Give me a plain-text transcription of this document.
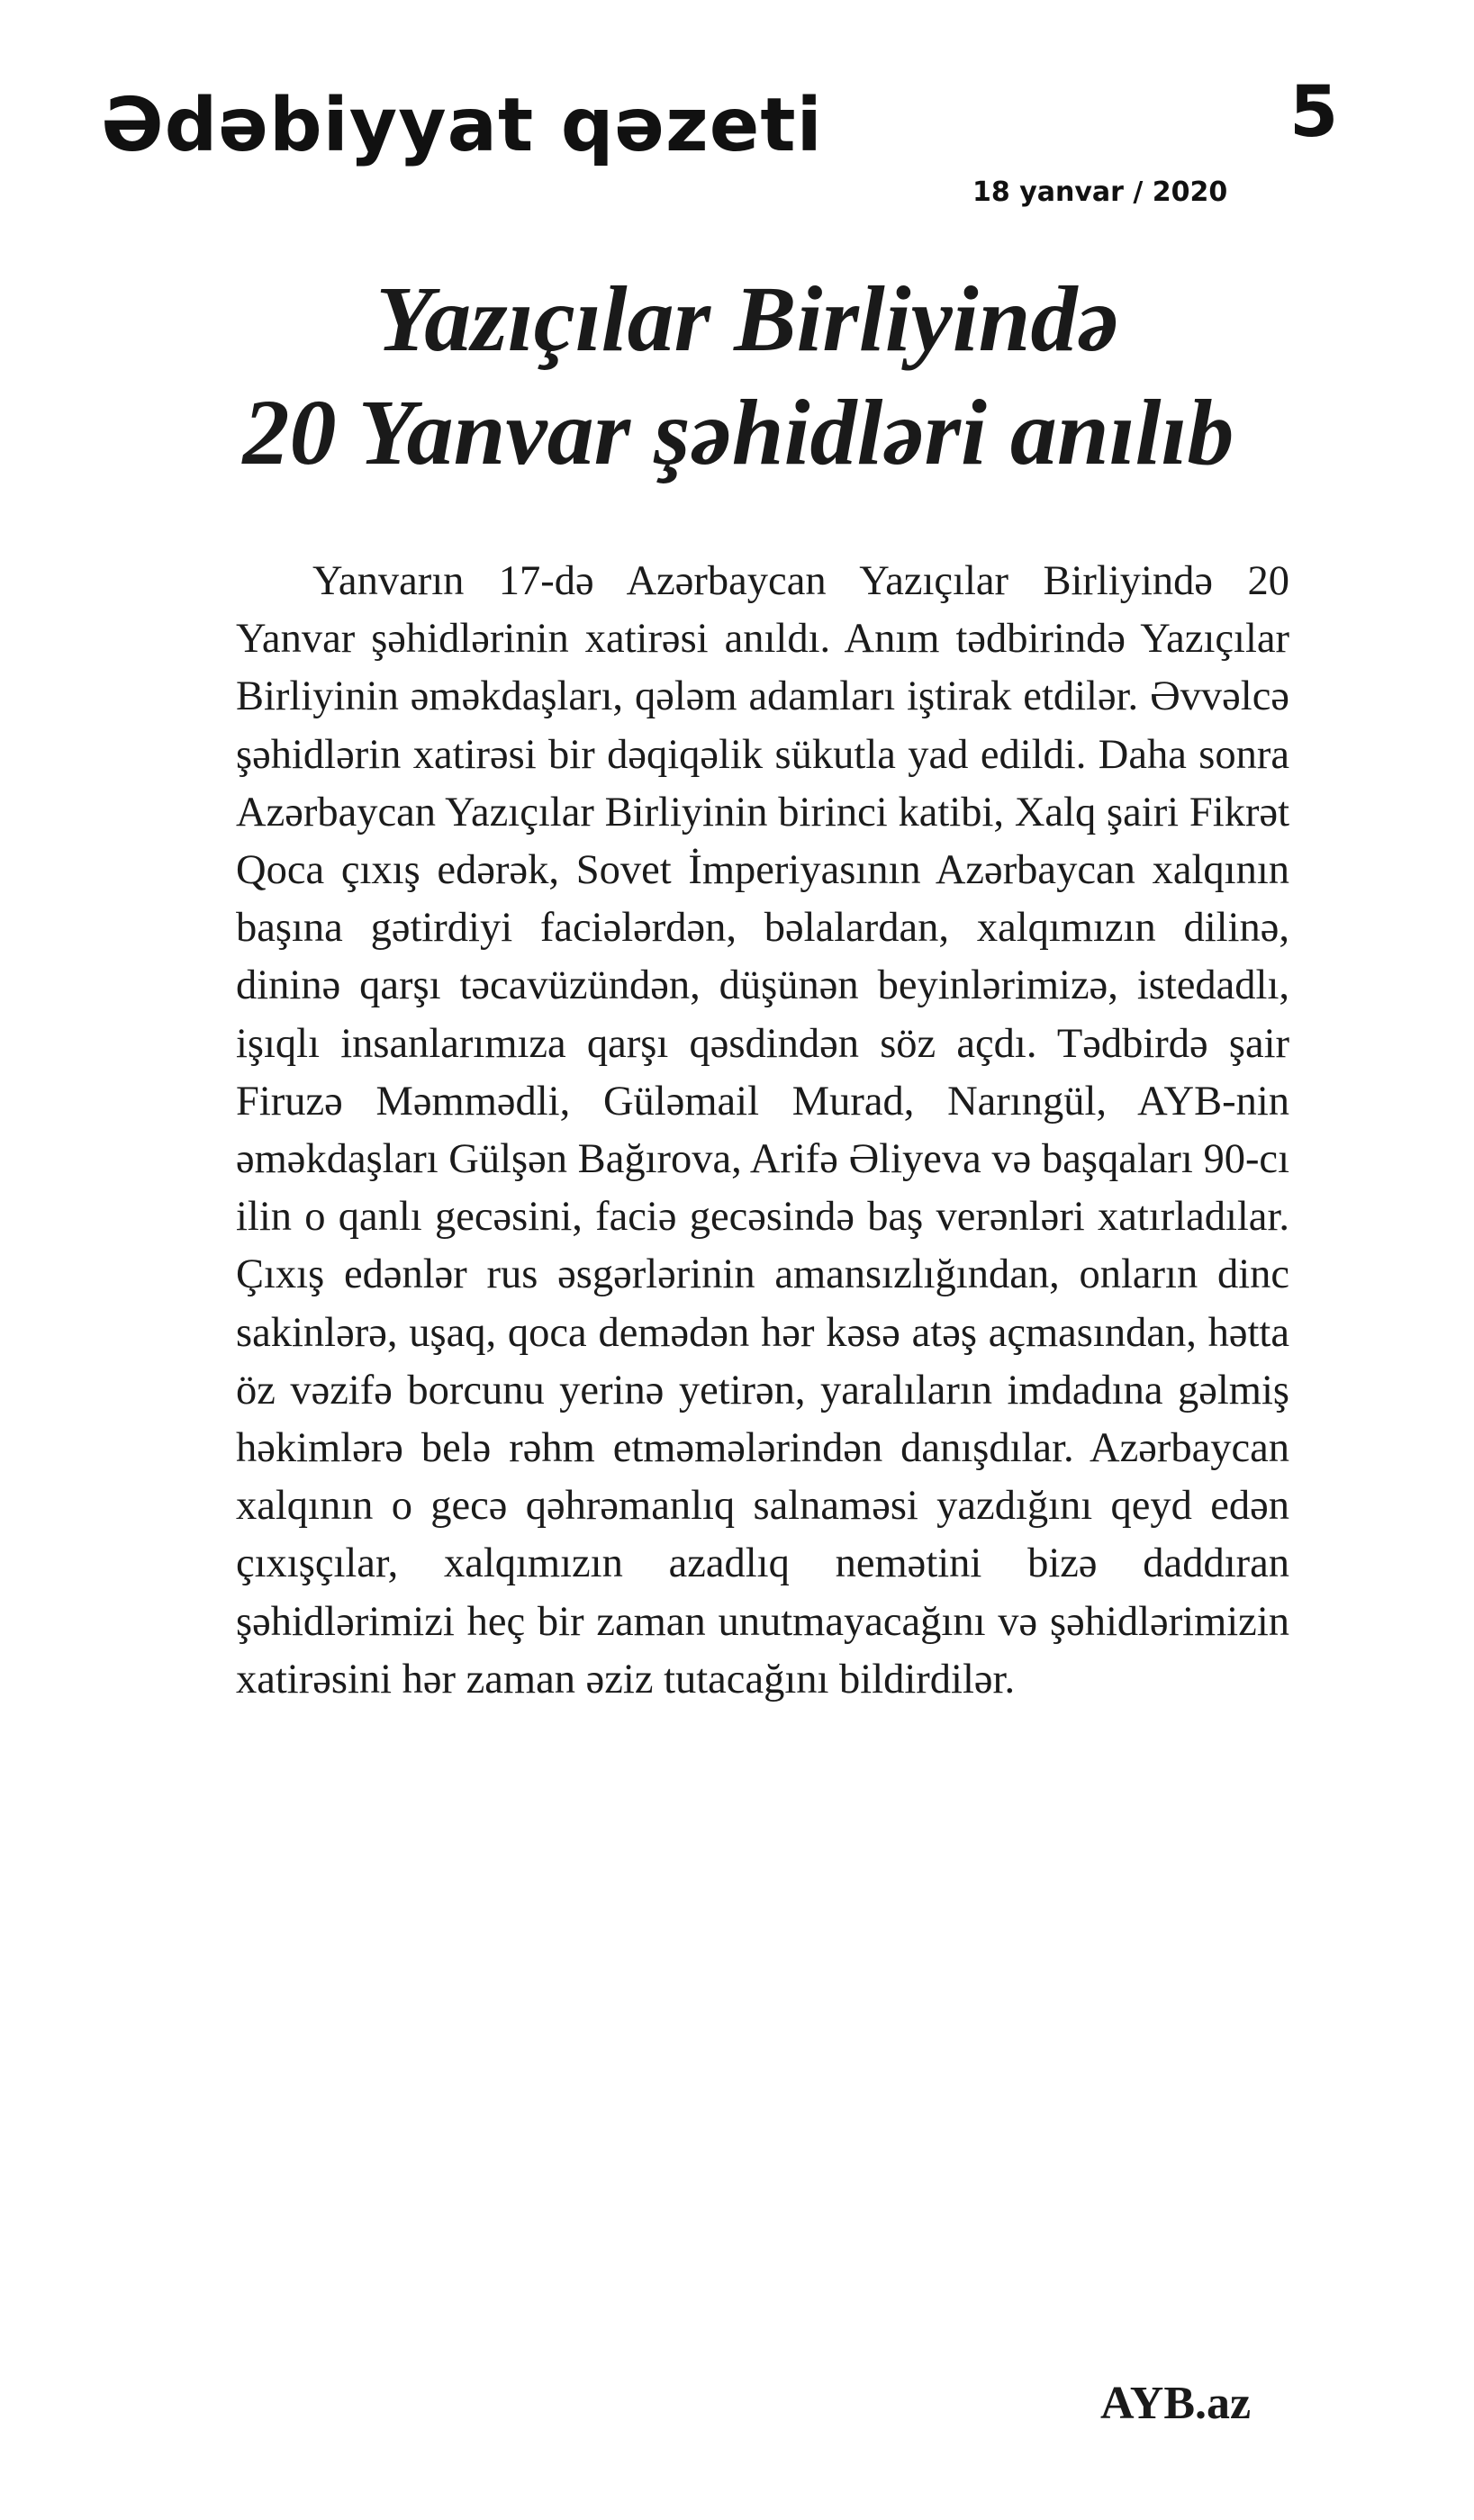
Ədəbiyyat qəzeti	5
18 yanvar / 2020
Yazıçılar Birliyində
20 Yanvar şəhidləri anılıb
Yanvarın 17-də Azərbaycan Yazıçılar Birliyində 20 Yanvar şəhidlərinin xatirəsi anıldı. Anım tədbirində Yazıçılar Birliyinin əməkdaşları, qələm adamları iştirak etdilər. Əvvəlcə şəhidlərin xatirəsi bir dəqiqəlik sükutla yad edildi. Daha sonra Azərbaycan Yazıçılar Birliyinin birinci katibi, Xalq şairi Fikrət Qoca çıxış edərək, Sovet İmperiyasının Azərbaycan xalqının başına gətirdiyi faciələrdən, bəlalardan, xalqımızın dilinə, dininə qarşı təcavüzündən, düşünən beyinlərimizə, istedadlı, işıqlı insanlarımıza qarşı qəsdindən söz açdı. Tədbirdə şair Firuzə Məmmədli, Güləmail Murad, Narıngül, AYB-nin əməkdaşları Gülşən Bağırova, Arifə Əliyeva və başqaları 90-cı ilin o qanlı gecəsini, faciə gecəsində baş verənləri xatırladılar. Çıxış edənlər rus əsgərlərinin amansızlığından, onların dinc sakinlərə, uşaq, qoca demədən hər kəsə atəş açmasından, hətta öz vəzifə borcunu yerinə yetirən, yaralıların imdadına gəlmiş həkimlərə belə rəhm etməmələrindən danışdılar. Azərbaycan xalqının o gecə qəhrəmanlıq salnaməsi yazdığını qeyd edən çıxışçılar, xalqımızın azadlıq nemətini bizə daddıran şəhidlərimizi heç bir zaman unutmayacağını və şəhidlərimizin xatirəsini hər zaman əziz tutacağını bildirdilər.
AYB.az
